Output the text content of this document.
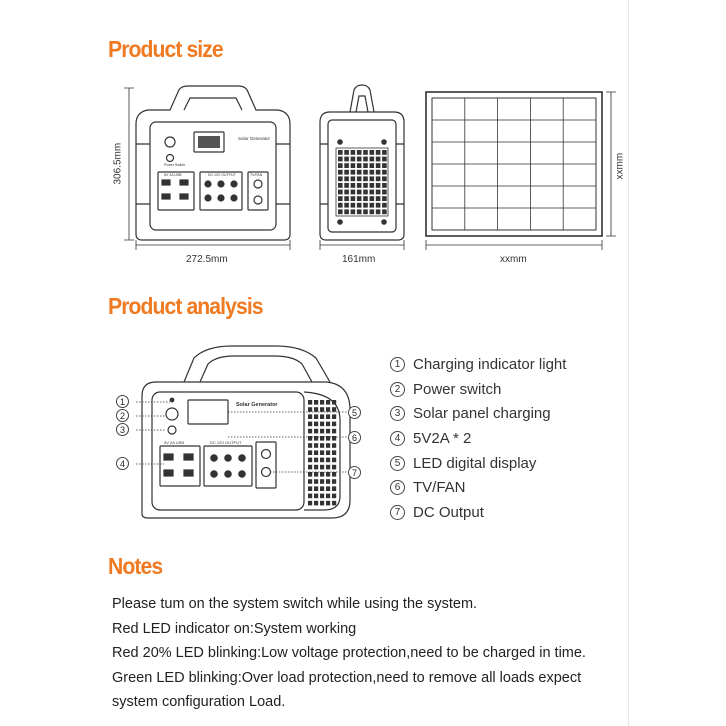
Product size
Solar Generator
Power Switch
5V 2A USB	DC 12V OUTPUT	TV/FAN
272.5mm
306.5mm
161mm	xxmm
xxmm
Product analysis
Solar Generator
5V 2A USB	DC 12V OUTPUT
1
2
3
4
5
6
7
1 Charging indicator light
2 Power switch
3 Solar panel charging
4 5V2A * 2
5 LED digital display
6 TV/FAN
7 DC Output
Notes

Please tum on the system switch while using the system.

Red LED indicator on:System working

Red 20% LED blinking:Low voltage protection,need to be charged in time.

Green LED blinking:Over load protection,need to remove all loads expect

system configuration Load.
